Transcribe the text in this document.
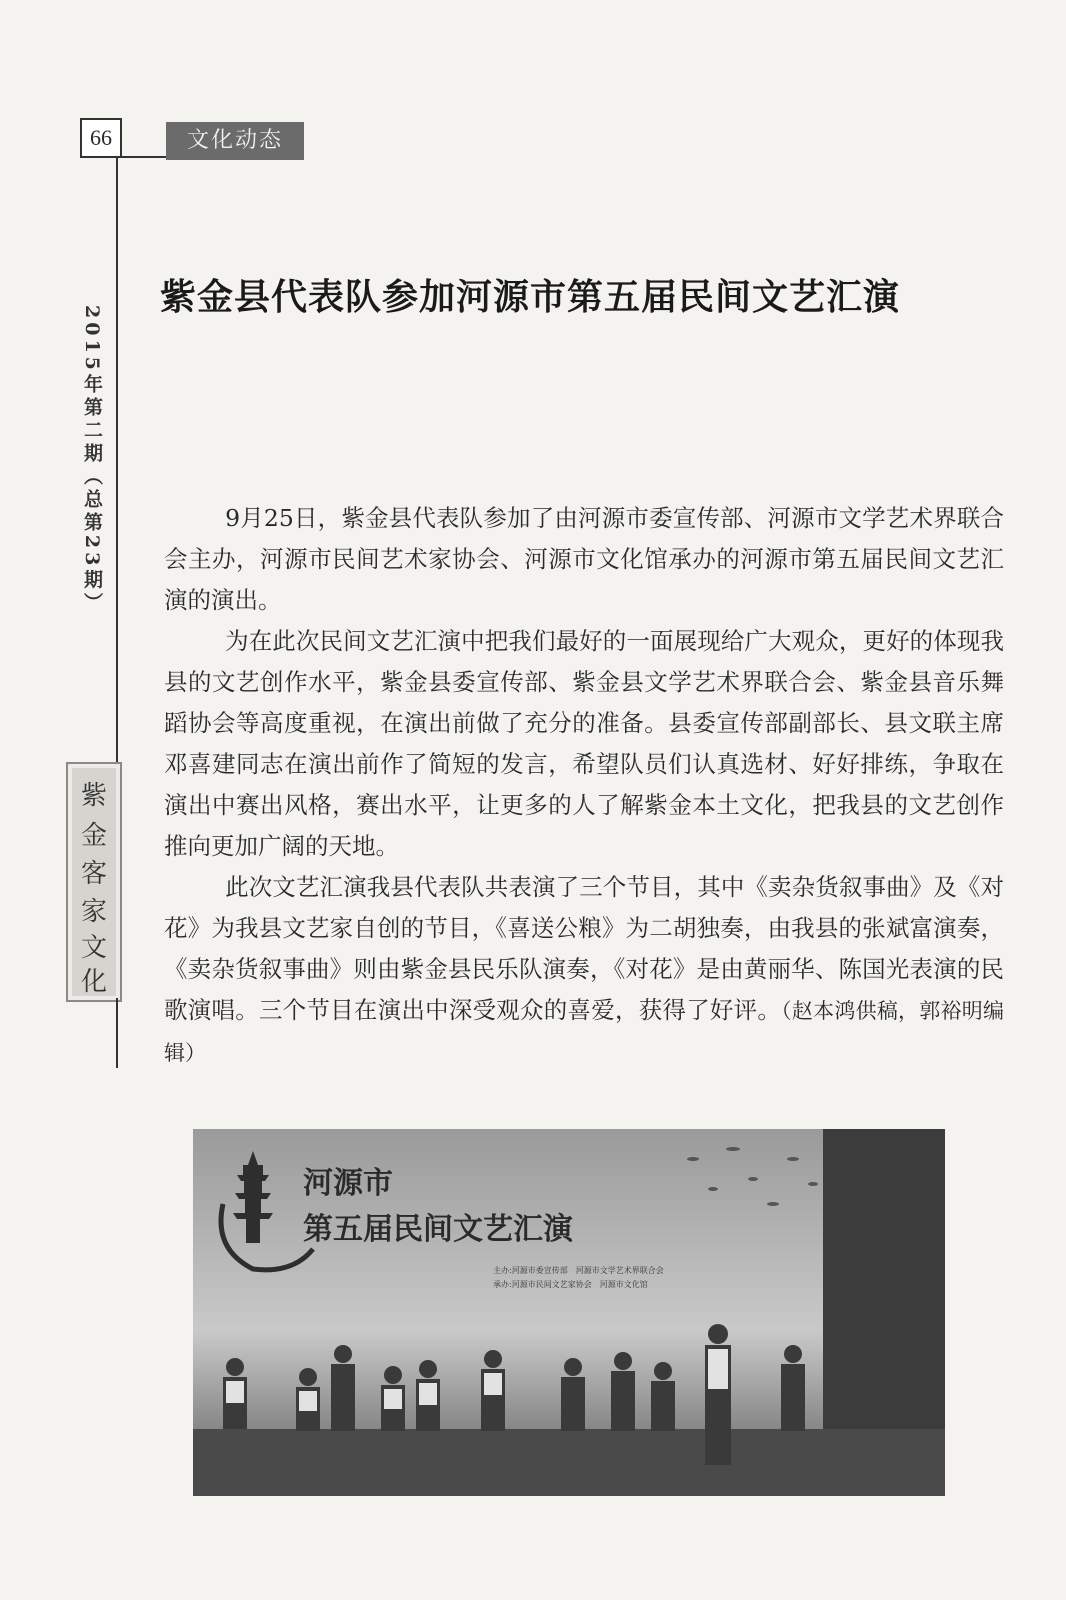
66	文化动态
2015年第二期（总第23期）
紫
金
客
家
文
化
紫金县代表队参加河源市第五届民间文艺汇演

9月25日，紫金县代表队参加了由河源市委宣传部、河源市文学艺术界联合会主办，河源市民间艺术家协会、河源市文化馆承办的河源市第五届民间文艺汇演的演出。

为在此次民间文艺汇演中把我们最好的一面展现给广大观众，更好的体现我县的文艺创作水平，紫金县委宣传部、紫金县文学艺术界联合会、紫金县音乐舞蹈协会等高度重视，在演出前做了充分的准备。县委宣传部副部长、县文联主席邓喜建同志在演出前作了简短的发言，希望队员们认真选材、好好排练，争取在演出中赛出风格，赛出水平，让更多的人了解紫金本土文化，把我县的文艺创作推向更加广阔的天地。

此次文艺汇演我县代表队共表演了三个节目，其中《卖杂货叙事曲》及《对花》为我县文艺家自创的节目，《喜送公粮》为二胡独奏，由我县的张斌富演奏，《卖杂货叙事曲》则由紫金县民乐队演奏，《对花》是由黄丽华、陈国光表演的民歌演唱。三个节目在演出中深受观众的喜爱，获得了好评。（赵本鸿供稿，郭裕明编辑）

河源市
第五届民间文艺汇演
主办:河源市委宣传部　河源市文学艺术界联合会
承办:河源市民间文艺家协会　河源市文化馆
